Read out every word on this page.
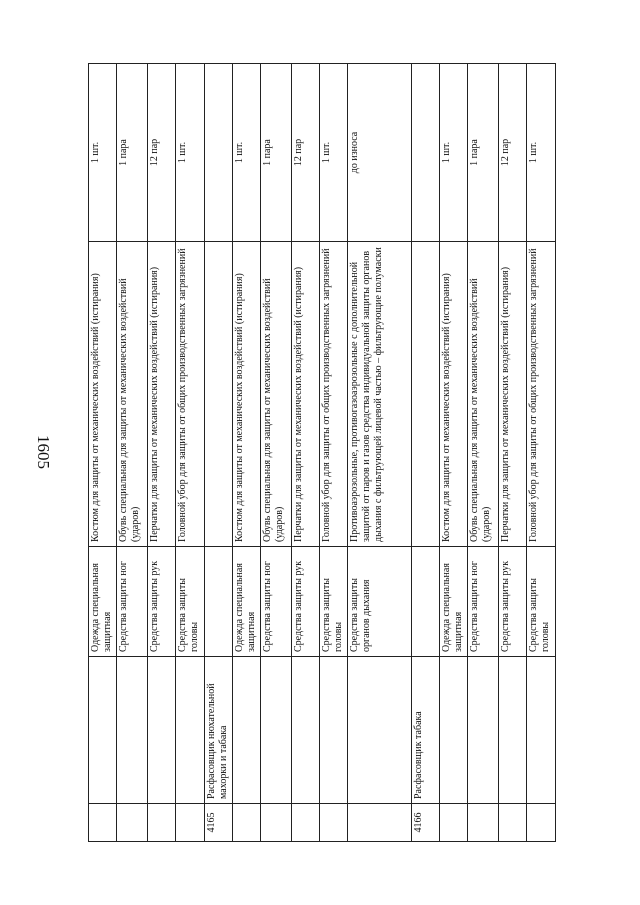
1605
		Одежда специальная защитная	Костюм для защиты от механических воздействий (истирания)	1 шт.
		Средства защиты ног	Обувь специальная для защиты от механических воздействий (ударов)	1 пара
		Средства защиты рук	Перчатки для защиты от механических воздействий (истирания)	12 пар
		Средства защиты головы	Головной убор для защиты от общих производственных загрязнений	1 шт.
4165	Расфасовщик нюхательной махорки и табака			
		Одежда специальная защитная	Костюм для защиты от механических воздействий (истирания)	1 шт.
		Средства защиты ног	Обувь специальная для защиты от механических воздействий (ударов)	1 пара
		Средства защиты рук	Перчатки для защиты от механических воздействий (истирания)	12 пар
		Средства защиты головы	Головной убор для защиты от общих производственных загрязнений	1 шт.
		Средства защиты органов дыхания	Противоаэрозольные, противогазоаэрозольные с дополнительной защитой от паров и газов средства индивидуальной защиты органов дыхания с фильтрующей лицевой частью – фильтрующие полумаски	до износа
4166	Расфасовщик табака			
		Одежда специальная защитная	Костюм для защиты от механических воздействий (истирания)	1 шт.
		Средства защиты ног	Обувь специальная для защиты от механических воздействий (ударов)	1 пара
		Средства защиты рук	Перчатки для защиты от механических воздействий (истирания)	12 пар
		Средства защиты головы	Головной убор для защиты от общих производственных загрязнений	1 шт.
